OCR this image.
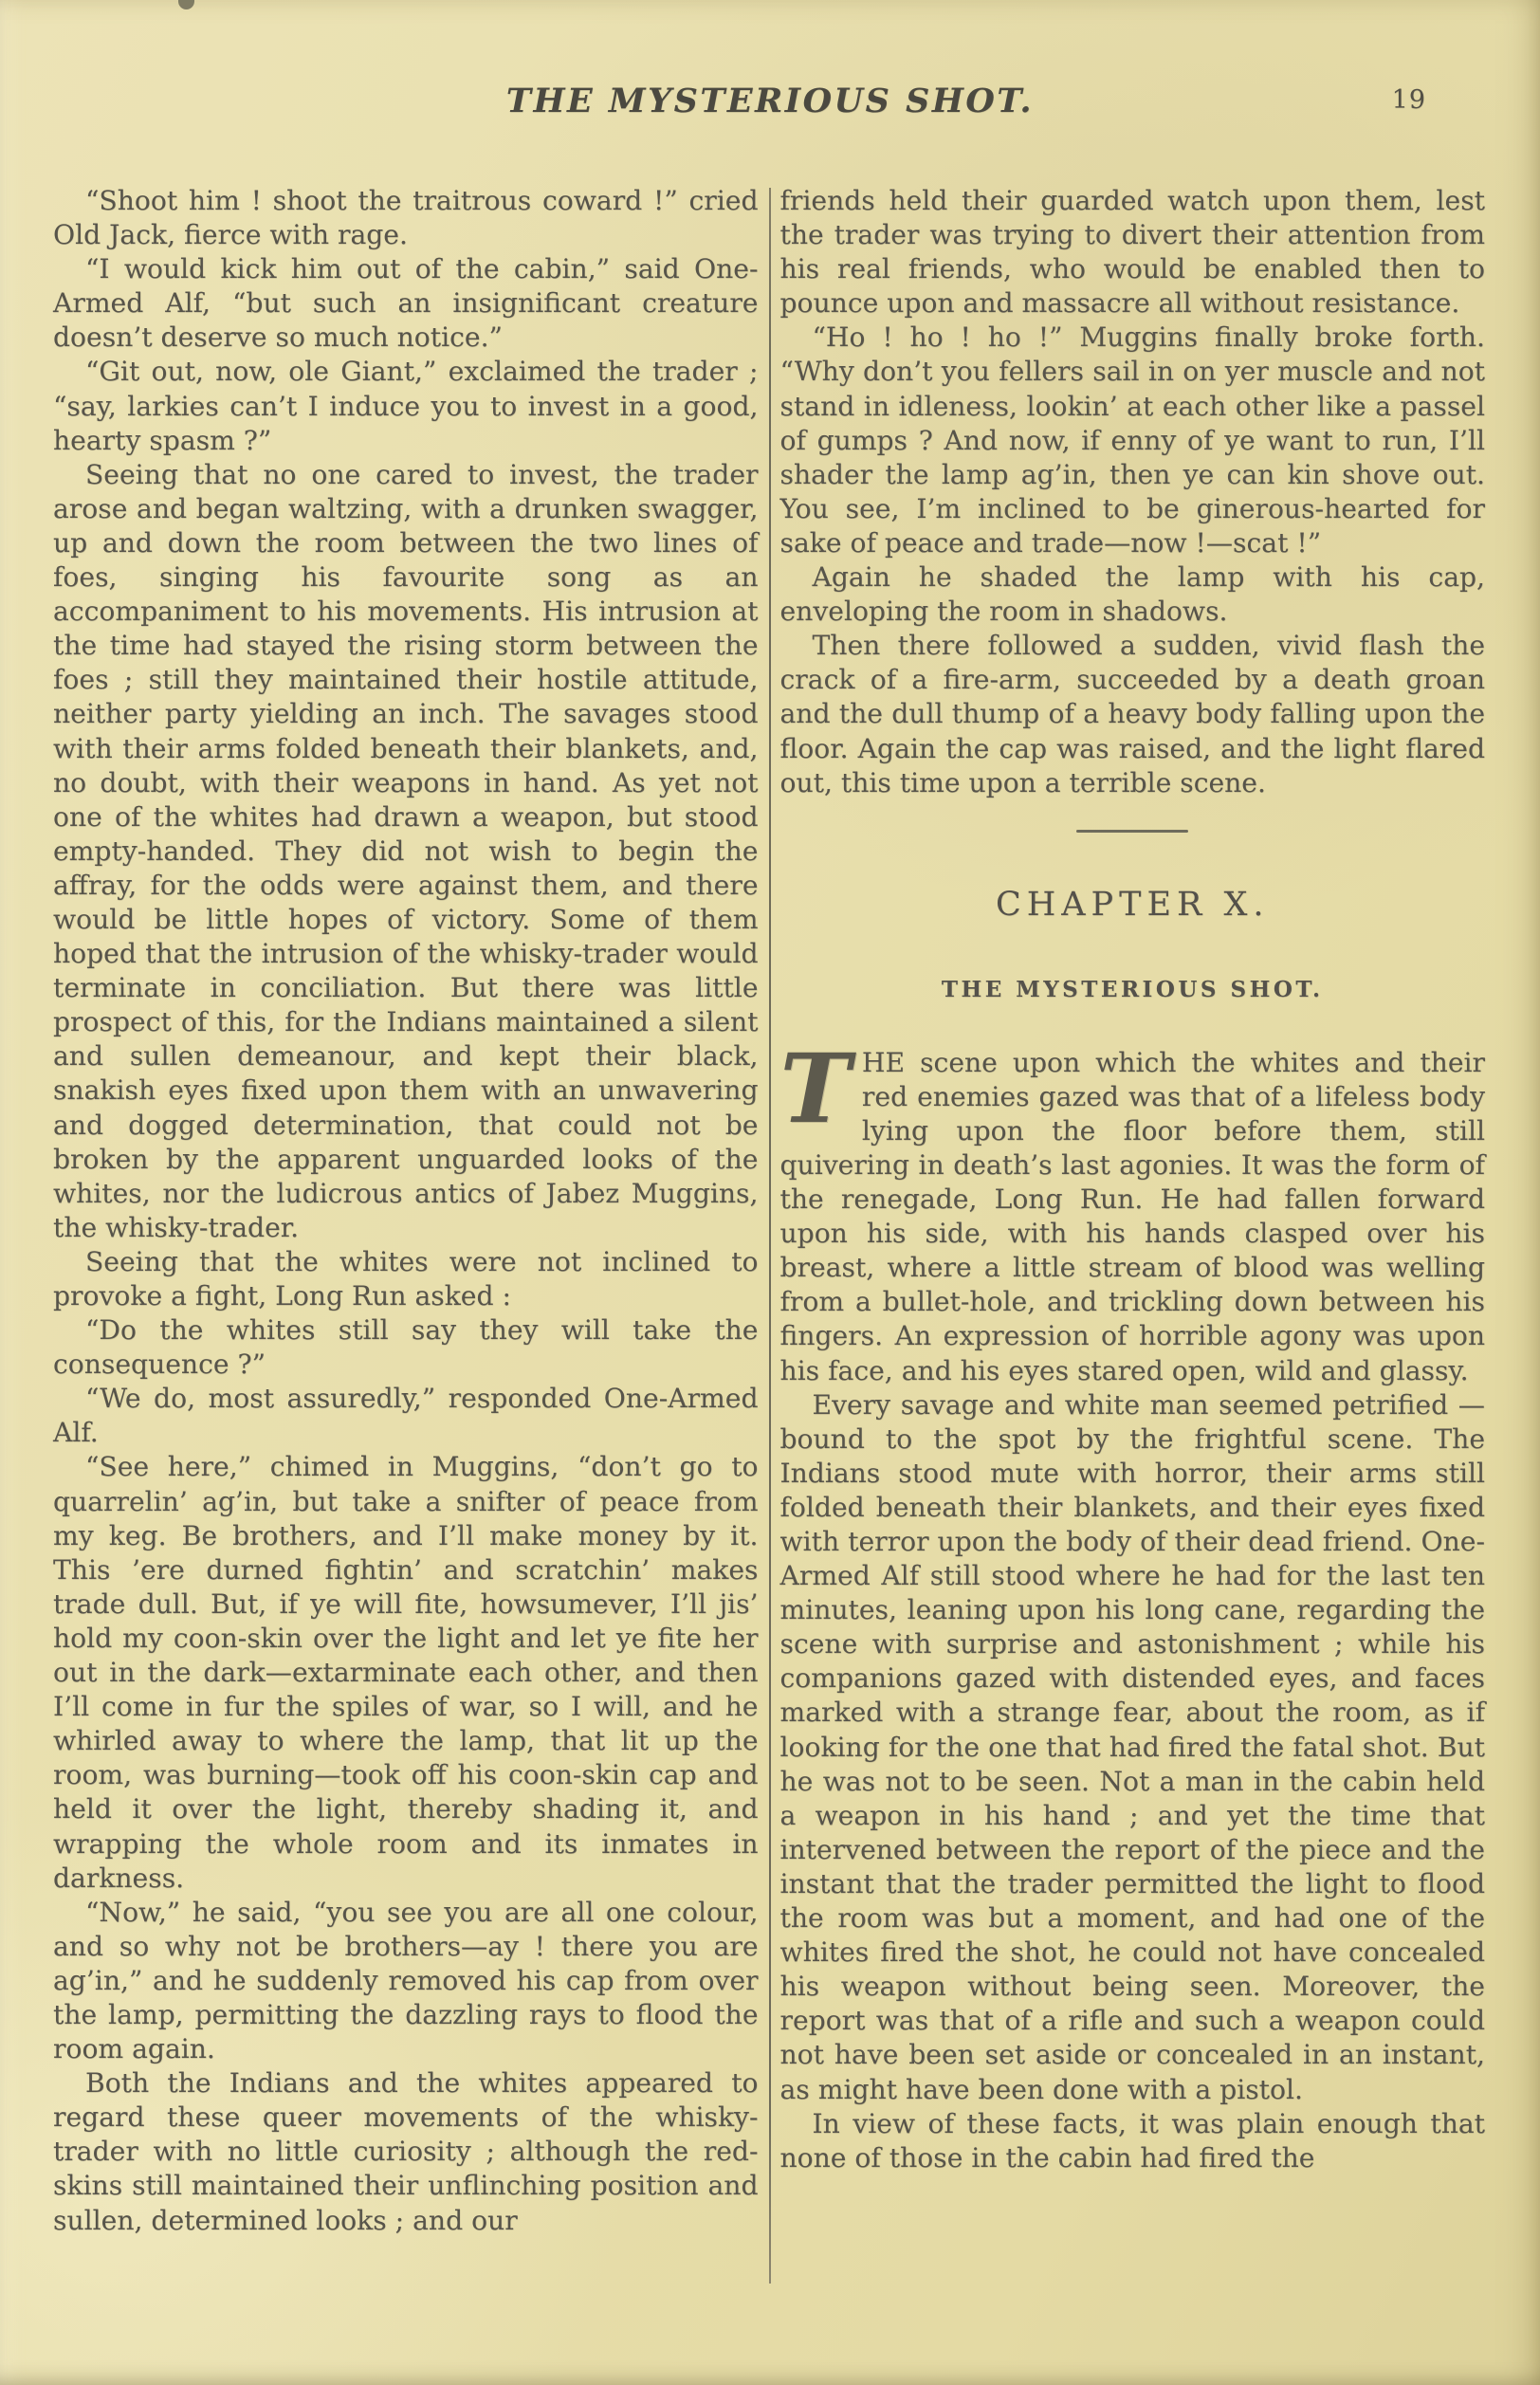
THE MYSTERIOUS SHOT.	19

“Shoot him ! shoot the traitrous coward !” cried Old Jack, fierce with rage.

“I would kick him out of the cabin,” said One-Armed Alf, “but such an insignificant creature doesn’t deserve so much notice.”

“Git out, now, ole Giant,” exclaimed the trader ; “say, larkies can’t I induce you to invest in a good, hearty spasm ?”

Seeing that no one cared to invest, the trader arose and began waltzing, with a drunken swagger, up and down the room between the two lines of foes, singing his favourite song as an accompaniment to his movements. His intrusion at the time had stayed the rising storm between the foes ; still they maintained their hostile attitude, neither party yielding an inch. The savages stood with their arms folded beneath their blankets, and, no doubt, with their weapons in hand. As yet not one of the whites had drawn a weapon, but stood empty-handed. They did not wish to begin the affray, for the odds were against them, and there would be little hopes of victory. Some of them hoped that the intrusion of the whisky-trader would terminate in conciliation. But there was little prospect of this, for the Indians maintained a silent and sullen demeanour, and kept their black, snakish eyes fixed upon them with an unwavering and dogged determination, that could not be broken by the apparent unguarded looks of the whites, nor the ludicrous antics of Jabez Muggins, the whisky-trader.

Seeing that the whites were not inclined to provoke a fight, Long Run asked :

“Do the whites still say they will take the consequence ?”

“We do, most assuredly,” responded One-Armed Alf.

“See here,” chimed in Muggins, “don’t go to quarrelin’ ag’in, but take a snifter of peace from my keg. Be brothers, and I’ll make money by it. This ’ere durned fightin’ and scratchin’ makes trade dull. But, if ye will fite, howsumever, I’ll jis’ hold my coon-skin over the light and let ye fite her out in the dark—extarminate each other, and then I’ll come in fur the spiles of war, so I will, and he whirled away to where the lamp, that lit up the room, was burning—took off his coon-skin cap and held it over the light, thereby shading it, and wrapping the whole room and its inmates in darkness.

“Now,” he said, “you see you are all one colour, and so why not be brothers—ay ! there you are ag’in,” and he suddenly removed his cap from over the lamp, permitting the dazzling rays to flood the room again.

Both the Indians and the whites appeared to regard these queer movements of the whisky-trader with no little curiosity ; although the red-skins still maintained their unflinching position and sullen, determined looks ; and our

friends held their guarded watch upon them, lest the trader was trying to divert their attention from his real friends, who would be enabled then to pounce upon and massacre all without resistance.

“Ho ! ho ! ho !” Muggins finally broke forth. “Why don’t you fellers sail in on yer muscle and not stand in idleness, lookin’ at each other like a passel of gumps ? And now, if enny of ye want to run, I’ll shader the lamp ag’in, then ye can kin shove out. You see, I’m inclined to be ginerous-hearted for sake of peace and trade—now !—scat !”

Again he shaded the lamp with his cap, enveloping the room in shadows.

Then there followed a sudden, vivid flash the crack of a fire-arm, succeeded by a death groan and the dull thump of a heavy body falling upon the floor. Again the cap was raised, and the light flared out, this time upon a terrible scene.

CHAPTER X.
THE MYSTERIOUS SHOT.

THE scene upon which the whites and their red enemies gazed was that of a lifeless body lying upon the floor before them, still quivering in death’s last agonies. It was the form of the renegade, Long Run. He had fallen forward upon his side, with his hands clasped over his breast, where a little stream of blood was welling from a bullet-hole, and trickling down between his fingers. An expression of horrible agony was upon his face, and his eyes stared open, wild and glassy.

Every savage and white man seemed petrified —bound to the spot by the frightful scene. The Indians stood mute with horror, their arms still folded beneath their blankets, and their eyes fixed with terror upon the body of their dead friend. One-Armed Alf still stood where he had for the last ten minutes, leaning upon his long cane, regarding the scene with surprise and astonishment ; while his companions gazed with distended eyes, and faces marked with a strange fear, about the room, as if looking for the one that had fired the fatal shot. But he was not to be seen. Not a man in the cabin held a weapon in his hand ; and yet the time that intervened between the report of the piece and the instant that the trader permitted the light to flood the room was but a moment, and had one of the whites fired the shot, he could not have concealed his weapon without being seen. Moreover, the report was that of a rifle and such a weapon could not have been set aside or concealed in an instant, as might have been done with a pistol.

In view of these facts, it was plain enough that none of those in the cabin had fired the
